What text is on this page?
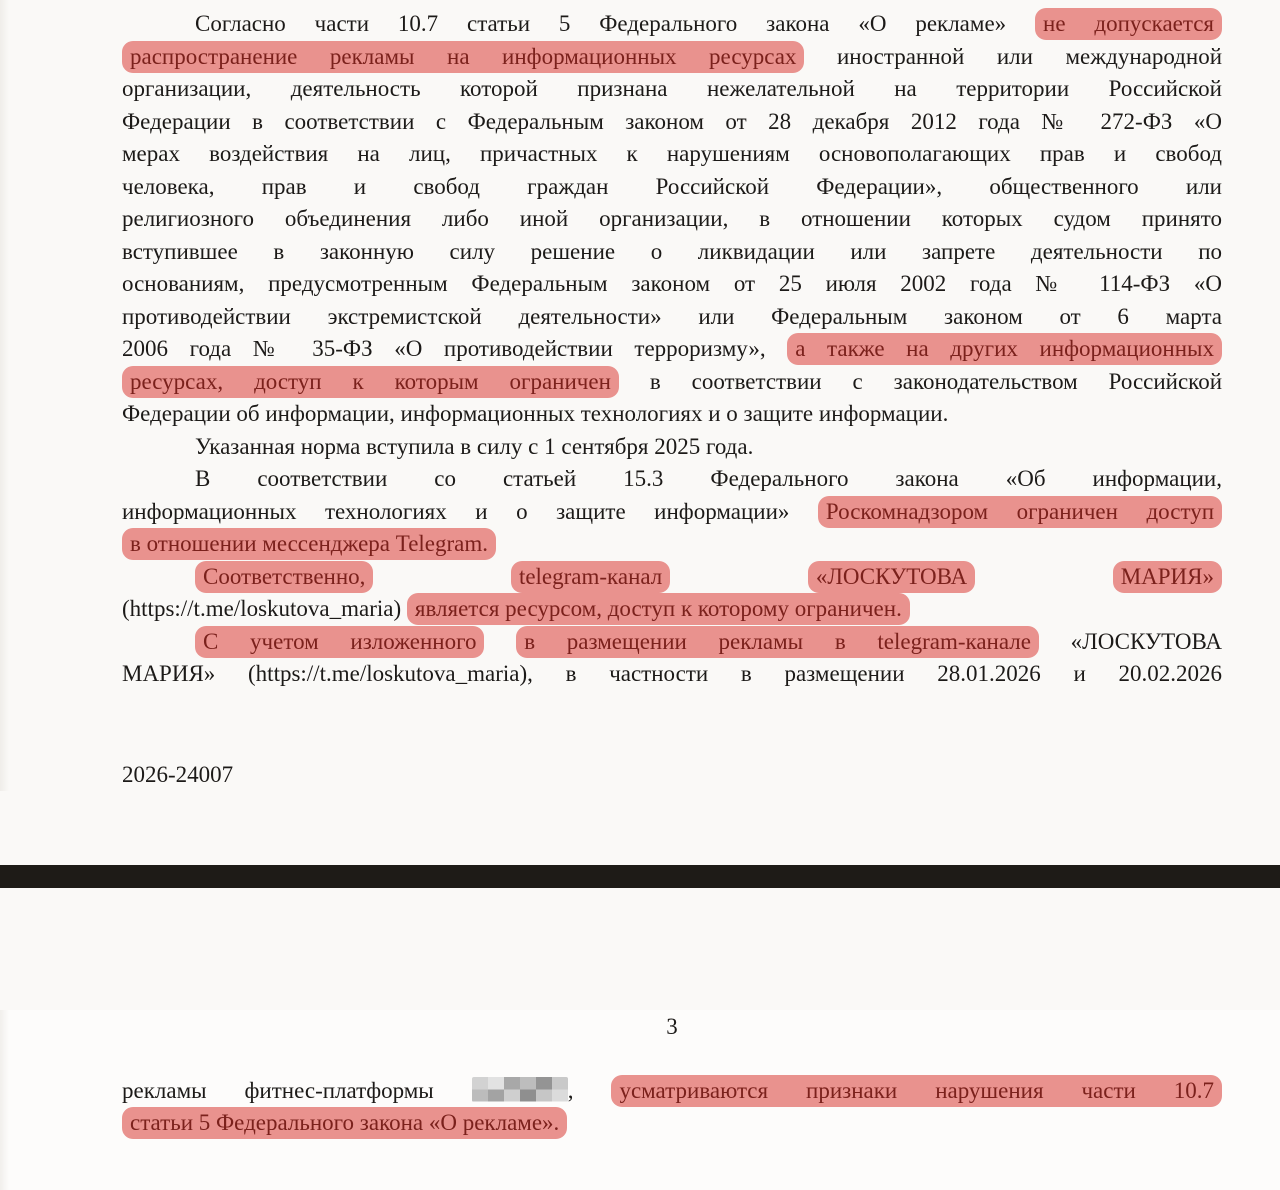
Согласно части 10.7 статьи 5 Федерального закона «О рекламе» не допускается
распространение рекламы на информационных ресурсах иностранной или международной
организации, деятельность которой признана нежелательной на территории Российской
Федерации в соответствии с Федеральным законом от 28 декабря 2012 года № 272-ФЗ «О
мерах воздействия на лиц, причастных к нарушениям основополагающих прав и свобод
человека, прав и свобод граждан Российской Федерации», общественного или
религиозного объединения либо иной организации, в отношении которых судом принято
вступившее в законную силу решение о ликвидации или запрете деятельности по
основаниям, предусмотренным Федеральным законом от 25 июля 2002 года № 114-ФЗ «О
противодействии экстремистской деятельности» или Федеральным законом от 6 марта
2006 года № 35-ФЗ «О противодействии терроризму», а также на других информационных
ресурсах, доступ к которым ограничен в соответствии с законодательством Российской
Федерации об информации, информационных технологиях и о защите информации.
Указанная норма вступила в силу с 1 сентября 2025 года.
В соответствии со статьей 15.3 Федерального закона «Об информации,
информационных технологиях и о защите информации» Роскомнадзором ограничен доступ
в отношении мессенджера Telegram.
Соответственно,	telegram-канал	«ЛОСКУТОВА	МАРИЯ»
(https://t.me/loskutova_maria) является ресурсом, доступ к которому ограничен.
С учетом изложенного в размещении рекламы в telegram-канале «ЛОСКУТОВА
МАРИЯ» (https://t.me/loskutova_maria), в частности в размещении 28.01.2026 и 20.02.2026
2026-24007
3
рекламы фитнес-платформы	, усматриваются признаки нарушения части 10.7
статьи 5 Федерального закона «О рекламе».
